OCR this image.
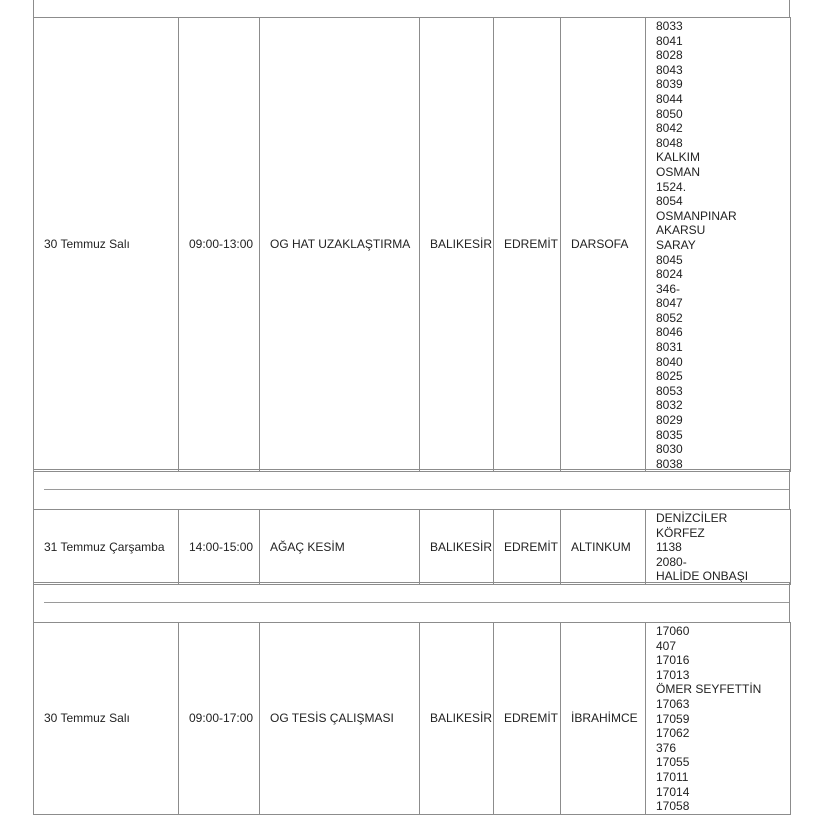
30 Temmuz Salı	09:00-13:00	OG HAT UZAKLAŞTIRMA	BALIKESİR	EDREMİT	DARSOFA	
8033
8041
8028
8043
8039
8044
8050
8042
8048
KALKIM
OSMAN
1524.
8054
OSMANPINAR
AKARSU
SARAY
8045
8024
346-
8047
8052
8046
8031
8040
8025
8053
8032
8029
8035
8030
8038
31 Temmuz Çarşamba	14:00-15:00	AĞAÇ KESİM	BALIKESİR	EDREMİT	ALTINKUM	
DENİZCİLER
KÖRFEZ
1138
2080-
HALİDE ONBAŞI
30 Temmuz Salı	09:00-17:00	OG TESİS ÇALIŞMASI	BALIKESİR	EDREMİT	İBRAHİMCE	
17060
407
17016
17013
ÖMER SEYFETTİN
17063
17059
17062
376
17055
17011
17014
17058
